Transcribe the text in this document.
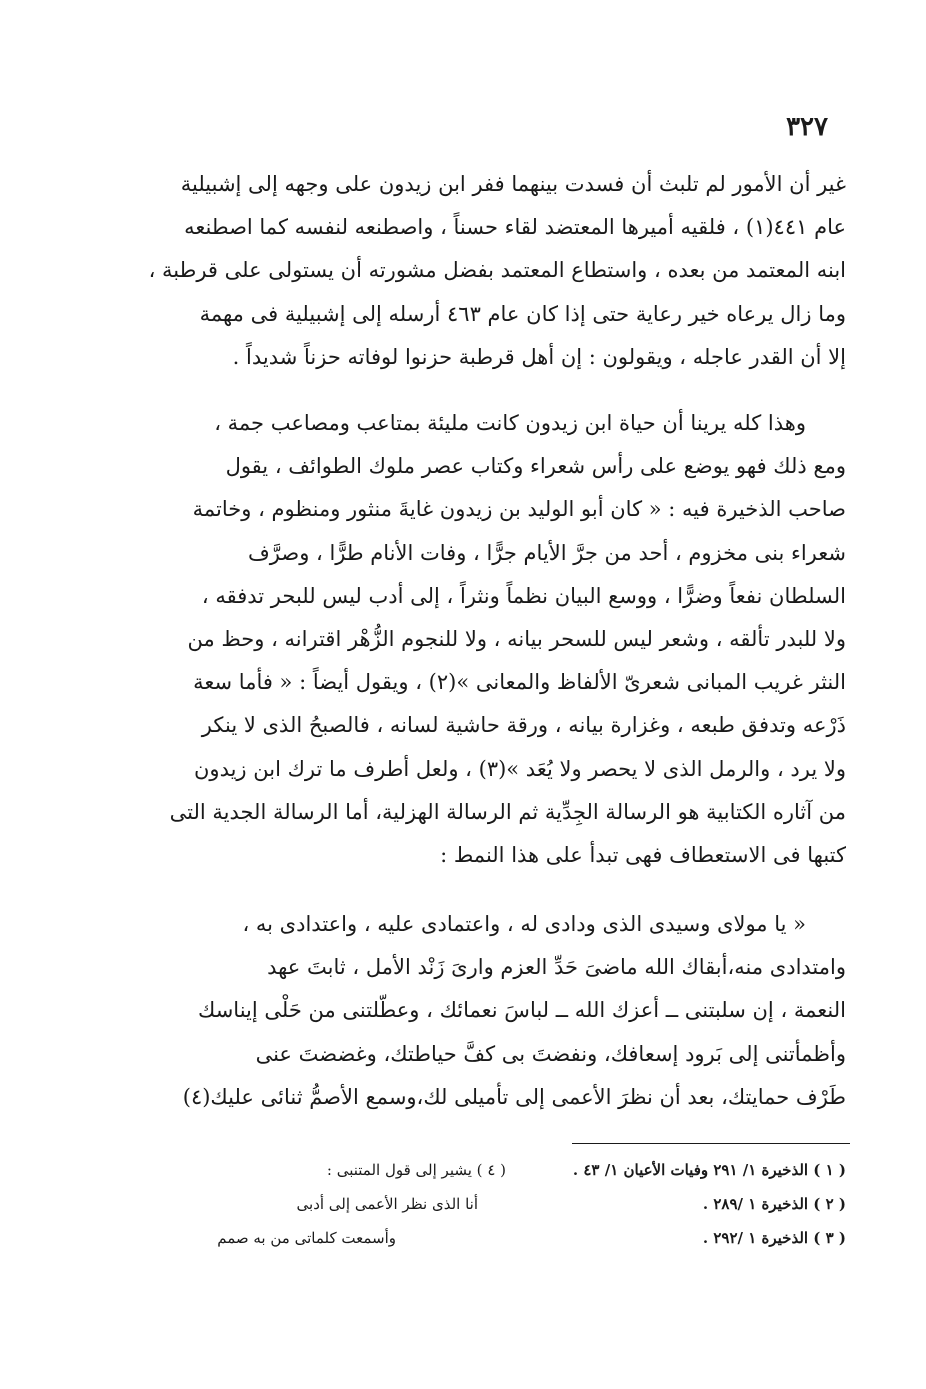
٣٢٧

غير أن الأمور لم تلبث أن فسدت بينهما ففر ابن زيدون على وجهه إلى إشبيلية
عام ٤٤١(١) ، فلقيه أميرها المعتضد لقاء حسناً ، واصطنعه لنفسه كما اصطنعه
ابنه المعتمد من بعده ، واستطاع المعتمد بفضل مشورته أن يستولى على قرطبة ،
وما زال يرعاه خير رعاية حتى إذا كان عام ٤٦٣ أرسله إلى إشبيلية فى مهمة
إلا أن القدر عاجله ، ويقولون : إن أهل قرطبة حزنوا لوفاته حزناً شديداً .

وهذا كله يرينا أن حياة ابن زيدون كانت مليئة بمتاعب ومصاعب جمة ،
ومع ذلك فهو يوضع على رأس شعراء وكتاب عصر ملوك الطوائف ، يقول
صاحب الذخيرة فيه : « كان أبو الوليد بن زيدون غايةَ منثور ومنظوم ، وخاتمة
شعراء بنى مخزوم ، أحد من جرَّ الأيام جرًّا ، وفات الأنام طرًّا ، وصرَّف
السلطان نفعاً وضرًّا ، ووسع البيان نظماً ونثراً ، إلى أدب ليس للبحر تدفقه ،
ولا للبدر تألقه ، وشعر ليس للسحر بيانه ، ولا للنجوم الزُّهْر اقترانه ، وحظ من
النثر غريب المبانى شعرىّ الألفاظ والمعانى »(٢) ، ويقول أيضاً : « فأما سعة
ذَرْعه وتدفق طبعه ، وغزارة بيانه ، ورقة حاشية لسانه ، فالصبحُ الذى لا ينكر
ولا يرد ، والرمل الذى لا يحصر ولا يُعَد »(٣) ، ولعل أطرف ما ترك ابن زيدون
من آثاره الكتابية هو الرسالة الجِدِّية ثم الرسالة الهزلية، أما الرسالة الجدية التى
كتبها فى الاستعطاف فهى تبدأ على هذا النمط :

« يا مولاى وسيدى الذى ودادى له ، واعتمادى عليه ، واعتدادى به ،
وامتدادى منه،أبقاك الله ماضىَ حَدِّ العزم وارىَ زَنْد الأمل ، ثابتَ عهد
النعمة ، إن سلبتنى ــ أعزك الله ــ لباسَ نعمائك ، وعطّلتنى من حَلْى إيناسك
وأظمأتنى إلى بَرود إسعافك، ونفضتَ بى كفَّ حياطتك، وغضضتَ عنى
طَرْف حمايتك، بعد أن نظرَ الأعمى إلى تأميلى لك،وسمع الأصمُّ ثنائى عليك(٤)

( ١ ) الذخيرة ١/ ٢٩١ وفيات الأعيان ١/ ٤٣ .
( ٢ ) الذخيرة ١ /٢٨٩ .
( ٣ ) الذخيرة ١ /٢٩٢ .
( ٤ ) يشير إلى قول المتنبى :
أنا الذى نظر الأعمى إلى أدبى
وأسمعت كلماتى من به صمم
